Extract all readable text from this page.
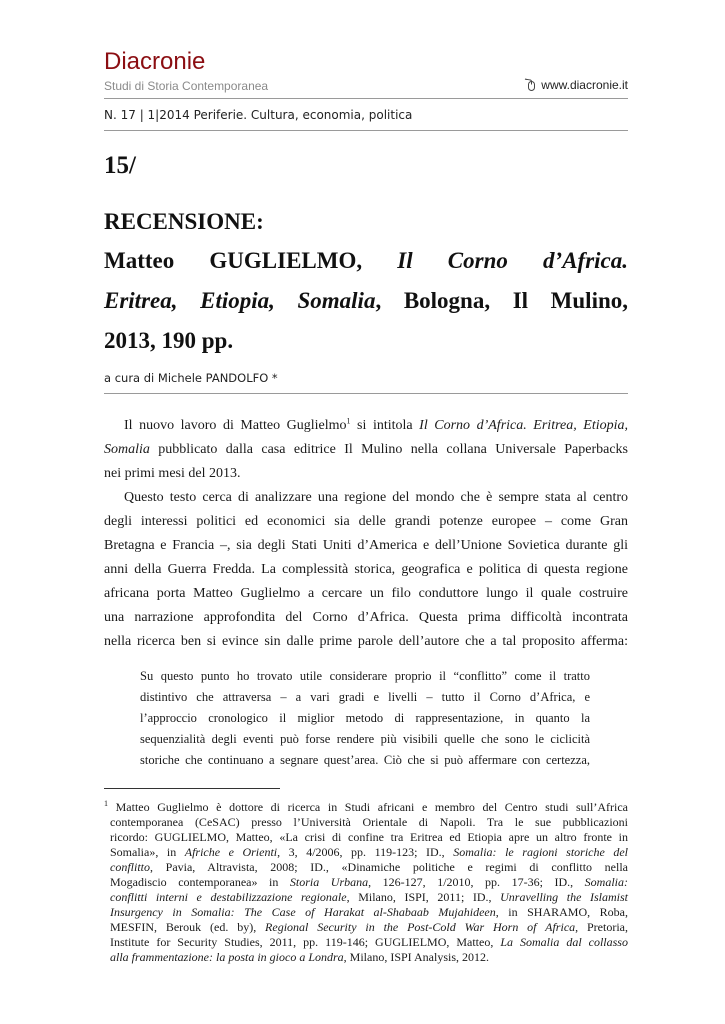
Diacronie
Studi di Storia Contemporanea	www.diacronie.it
N. 17 | 1|2014 Periferie. Cultura, economia, politica
15/
RECENSIONE:
Matteo GUGLIELMO, Il Corno d’Africa.
Eritrea, Etiopia, Somalia, Bologna, Il Mulino,
2013, 190 pp.
a cura di Michele PANDOLFO *
Il nuovo lavoro di Matteo Guglielmo$^1$ si intitola Il Corno d’Africa. Eritrea, Etiopia,
Somalia pubblicato dalla casa editrice Il Mulino nella collana Universale Paperbacks
nei primi mesi del 2013.
Questo testo cerca di analizzare una regione del mondo che è sempre stata al centro
degli interessi politici ed economici sia delle grandi potenze europee – come Gran
Bretagna e Francia –, sia degli Stati Uniti d’America e dell’Unione Sovietica durante gli
anni della Guerra Fredda. La complessità storica, geografica e politica di questa regione
africana porta Matteo Guglielmo a cercare un filo conduttore lungo il quale costruire
una narrazione approfondita del Corno d’Africa. Questa prima difficoltà incontrata
nella ricerca ben si evince sin dalle prime parole dell’autore che a tal proposito afferma:
Su questo punto ho trovato utile considerare proprio il “conflitto” come il tratto
distintivo che attraversa – a vari gradi e livelli – tutto il Corno d’Africa, e
l’approccio cronologico il miglior metodo di rappresentazione, in quanto la
sequenzialità degli eventi può forse rendere più visibili quelle che sono le ciclicità
storiche che continuano a segnare quest’area. Ciò che si può affermare con certezza,
$^1$ Matteo Guglielmo è dottore di ricerca in Studi africani e membro del Centro studi sull’Africa
contemporanea (CeSAC) presso l’Università Orientale di Napoli. Tra le sue pubblicazioni
ricordo: GUGLIELMO, Matteo, «La crisi di confine tra Eritrea ed Etiopia apre un altro fronte in
Somalia», in Afriche e Orienti, 3, 4/2006, pp. 119-123; ID., Somalia: le ragioni storiche del
conflitto, Pavia, Altravista, 2008; ID., «Dinamiche politiche e regimi di conflitto nella
Mogadiscio contemporanea» in Storia Urbana, 126-127, 1/2010, pp. 17-36; ID., Somalia:
conflitti interni e destabilizzazione regionale, Milano, ISPI, 2011; ID., Unravelling the Islamist
Insurgency in Somalia: The Case of Harakat al-Shabaab Mujahideen, in SHARAMO, Roba,
MESFIN, Berouk (ed. by), Regional Security in the Post-Cold War Horn of Africa, Pretoria,
Institute for Security Studies, 2011, pp. 119-146; GUGLIELMO, Matteo, La Somalia dal collasso
alla frammentazione: la posta in gioco a Londra, Milano, ISPI Analysis, 2012.
